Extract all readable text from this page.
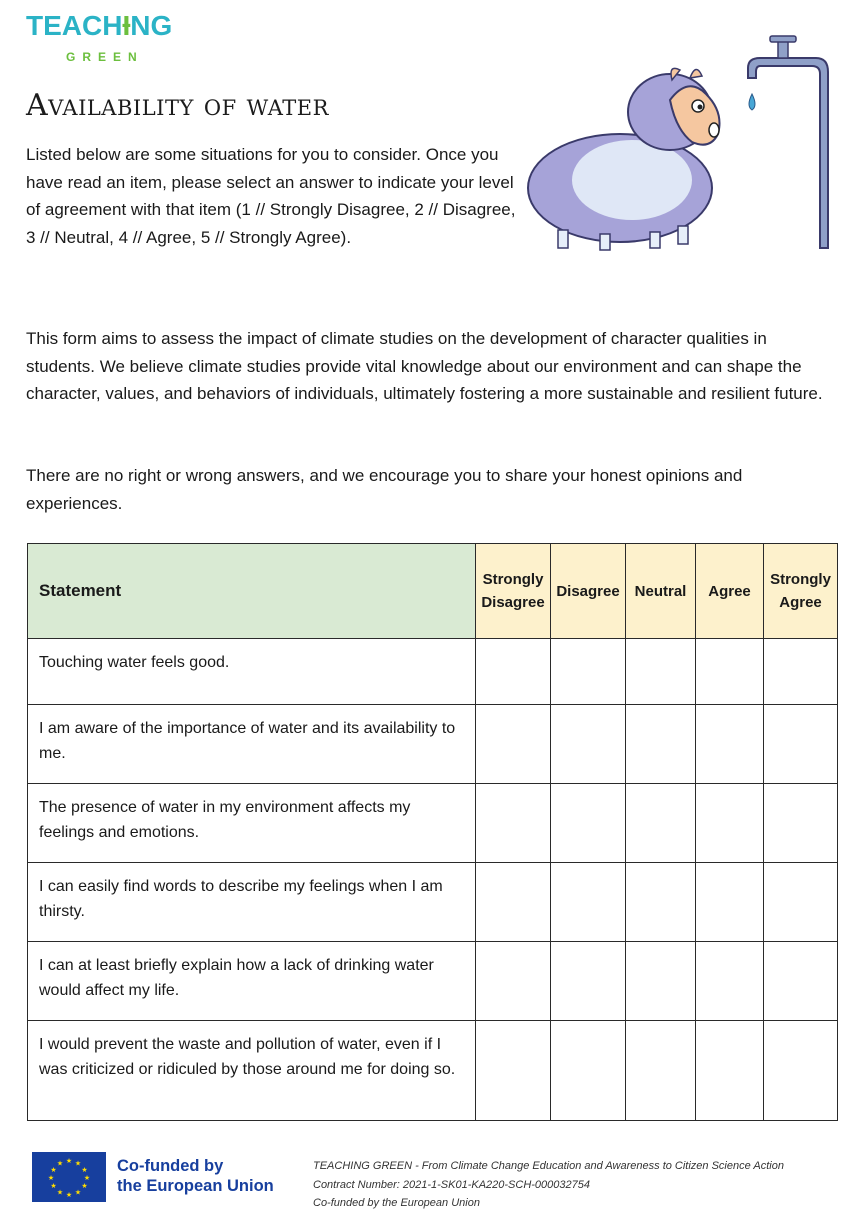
TEACHƗNG
GREEN
Availability of water
Listed below are some situations for you to consider. Once you have read an item, please select an answer to indicate your level of agreement with that item (1 // Strongly Disagree, 2 // Disagree, 3 // Neutral, 4 // Agree, 5 // Strongly Agree).
This form aims to assess the impact of climate studies on the development of character qualities in students. We believe climate studies provide vital knowledge about our environment and can shape the character, values, and behaviors of individuals, ultimately fostering a more sustainable and resilient future.
There are no right or wrong answers, and we encourage you to share your honest opinions and experiences.
Statement	Strongly Disagree	Disagree	Neutral	Agree	Strongly Agree
Touching water feels good.					
I am aware of the importance of water and its availability to me.					
The presence of water in my environment affects my feelings and emotions.					
I can easily find words to describe my feelings when I am thirsty.					
I can at least briefly explain how a lack of drinking water would affect my life.					
I would prevent the waste and pollution of water, even if I was criticized or ridiculed by those around me for doing so.					
★ ★
★
★
★
★
★
★
★
★
★
★	Co-funded by
the European Union
TEACHING GREEN - From Climate Change Education and Awareness to Citizen Science Action
Contract Number: 2021-1-SK01-KA220-SCH-000032754
Co-funded by the European Union
